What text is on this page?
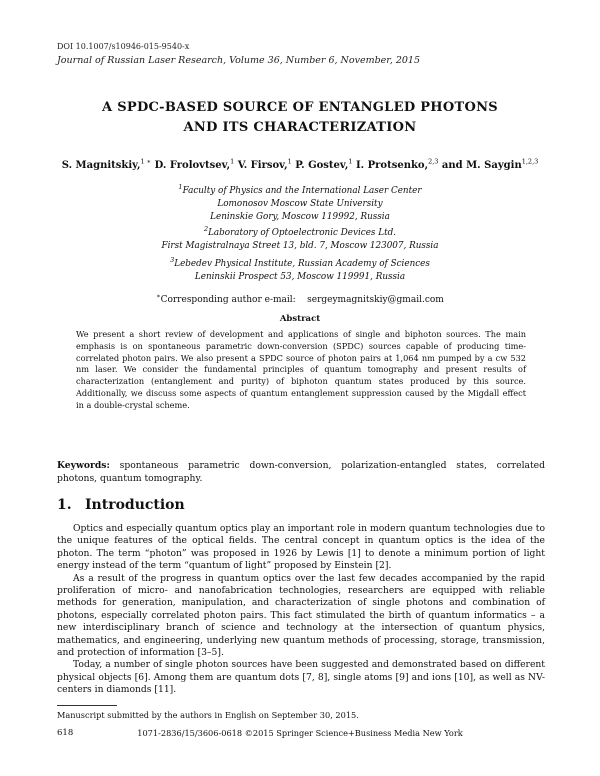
DOI 10.1007/s10946-015-9540-x
Journal of Russian Laser Research, Volume 36, Number 6, November, 2015
A SPDC-BASED SOURCE OF ENTANGLED PHOTONS
AND ITS CHARACTERIZATION
S. Magnitskiy,$^{1 ∗}$ D. Frolovtsev,$^1$ V. Firsov,$^1$ P. Gostev,$^1$ I. Protsenko,$^{2,3}$ and M. Saygin$^{1,2,3}$
$^1$Faculty of Physics and the International Laser Center
Lomonosov Moscow State University
Leninskie Gory, Moscow 119992, Russia
$^2$Laboratory of Optoelectronic Devices Ltd.
First Magistralnaya Street 13, bld. 7, Moscow 123007, Russia
$^3$Lebedev Physical Institute, Russian Academy of Sciences
Leninskii Prospect 53, Moscow 119991, Russia
∗Corresponding author e-mail: sergeymagnitskiy@gmail.com
Abstract

We present a short review of development and applications of single and biphoton sources. The main emphasis is on spontaneous parametric down-conversion (SPDC) sources capable of producing time-correlated photon pairs. We also present a SPDC source of photon pairs at 1,064 nm pumped by a cw 532 nm laser. We consider the fundamental principles of quantum tomography and present results of characterization (entanglement and purity) of biphoton quantum states produced by this source. Additionally, we discuss some aspects of quantum entanglement suppression caused by the Migdall effect in a double-crystal scheme.

Keywords: spontaneous parametric down-conversion, polarization-entangled states, correlated photons, quantum tomography.

1. Introduction

Optics and especially quantum optics play an important role in modern quantum technologies due to the unique features of the optical fields. The central concept in quantum optics is the idea of the photon. The term “photon” was proposed in 1926 by Lewis [1] to denote a minimum portion of light energy instead of the term “quantum of light” proposed by Einstein [2].

As a result of the progress in quantum optics over the last few decades accompanied by the rapid proliferation of micro- and nanofabrication technologies, researchers are equipped with reliable methods for generation, manipulation, and characterization of single photons and combination of photons, especially correlated photon pairs. This fact stimulated the birth of quantum informatics – a new interdisciplinary branch of science and technology at the intersection of quantum physics, mathematics, and engineering, underlying new quantum methods of processing, storage, transmission, and protection of information [3–5].

Today, a number of single photon sources have been suggested and demonstrated based on different physical objects [6]. Among them are quantum dots [7, 8], single atoms [9] and ions [10], as well as NV-centers in diamonds [11].

Manuscript submitted by the authors in English on September 30, 2015.
618	1071-2836/15/3606-0618 ©2015 Springer Science+Business Media New York
